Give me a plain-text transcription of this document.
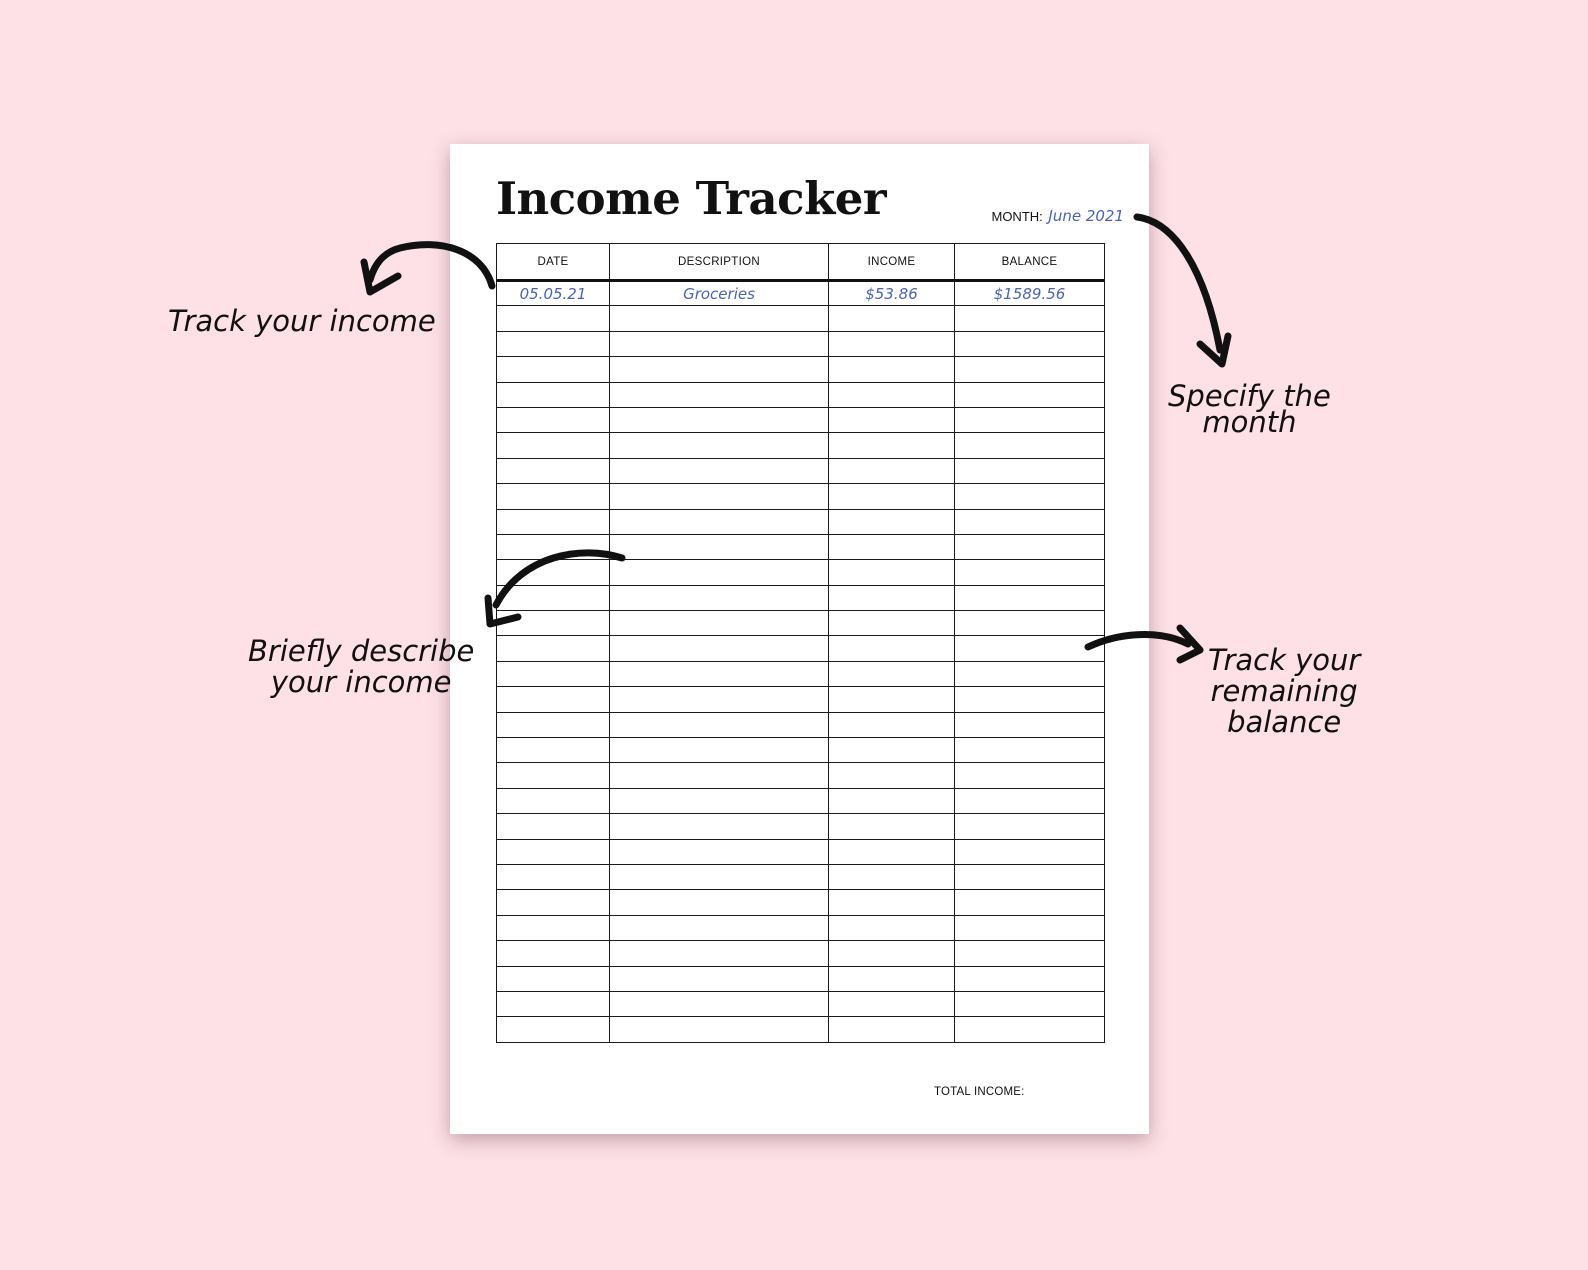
Income Tracker	MONTH: June 2021
DATE	DESCRIPTION	INCOME	BALANCE
05.05.21	Groceries	$53.86	$1589.56

TOTAL INCOME:

Track your income

Specify the
month

Briefly describe
your income

Track your
remaining
balance
